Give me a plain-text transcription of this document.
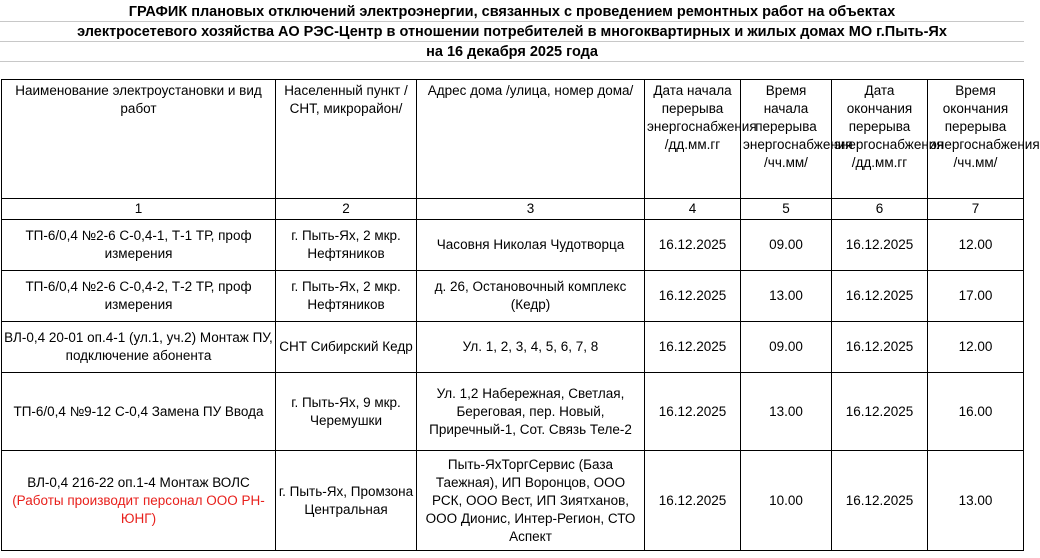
ГРАФИК плановых отключений электроэнергии, связанных с проведением ремонтных работ на объектах
электросетевого хозяйства АО РЭС-Центр в отношении потребителей в многоквартирных и жилых домах МО г.Пыть-Ях
на 16 декабря 2025 года
Наименование электроустановки и вид работ	Населенный пункт /СНТ, микрорайон/	Адрес дома /улица, номер дома/	Дата начала перерыва энергоснабжения /дд.мм.гг	Время начала перерыва энергоснабжения /чч.мм/	Дата окончания перерыва энергоснабжения /дд.мм.гг	Время окончания перерыва энергоснабжения /чч.мм/
1	2	3	4	5	6	7
ТП-6/0,4 №2-6 С-0,4-1, Т-1 ТР, проф измерения	г. Пыть-Ях, 2 мкр. Нефтяников	Часовня Николая Чудотворца	16.12.2025	09.00	16.12.2025	12.00
ТП-6/0,4 №2-6 С-0,4-2, Т-2 ТР, проф измерения	г. Пыть-Ях, 2 мкр. Нефтяников	д. 26, Остановочный комплекс (Кедр)	16.12.2025	13.00	16.12.2025	17.00
ВЛ-0,4 20-01 оп.4-1 (ул.1, уч.2) Монтаж ПУ, подключение абонента	СНТ Сибирский Кедр	Ул. 1, 2, 3, 4, 5, 6, 7, 8	16.12.2025	09.00	16.12.2025	12.00
ТП-6/0,4 №9-12 С-0,4 Замена ПУ Ввода	г. Пыть-Ях, 9 мкр. Черемушки	Ул. 1,2 Набережная, Светлая, Береговая, пер. Новый, Приречный-1, Сот. Связь Теле-2	16.12.2025	13.00	16.12.2025	16.00

ВЛ-0,4 216-22 оп.1-4 Монтаж ВОЛС
(Работы производит персонал ООО РН-ЮНГ)	г. Пыть-Ях, Промзона Центральная	Пыть-ЯхТоргСервис (База Таежная), ИП Воронцов, ООО РСК, ООО Вест, ИП Зиятханов, ООО Дионис, Интер-Регион, СТО Аспект	16.12.2025	10.00	16.12.2025	13.00
